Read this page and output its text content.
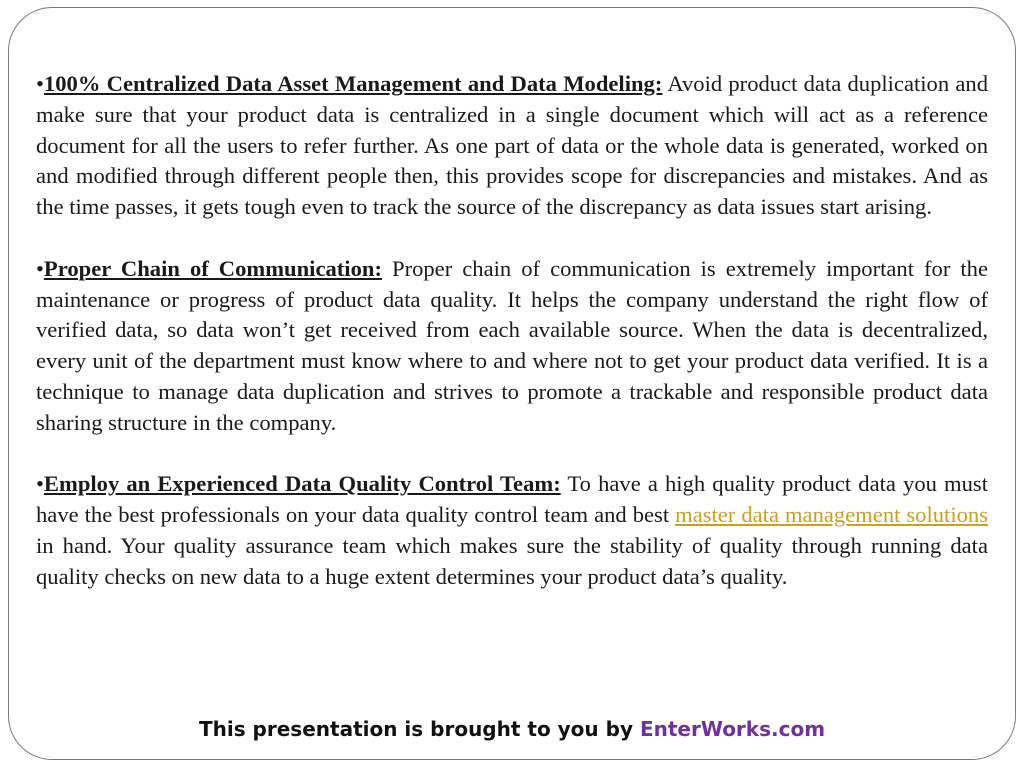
•100% Centralized Data Asset Management and Data Modeling: Avoid product data duplication and make sure that your product data is centralized in a single document which will act as a reference document for all the users to refer further. As one part of data or the whole data is generated, worked on and modified through different people then, this provides scope for discrepancies and mistakes. And as the time passes, it gets tough even to track the source of the discrepancy as data issues start arising.

•Proper Chain of Communication: Proper chain of communication is extremely important for the maintenance or progress of product data quality. It helps the company understand the right flow of verified data, so data won’t get received from each available source. When the data is decentralized, every unit of the department must know where to and where not to get your product data verified. It is a technique to manage data duplication and strives to promote a trackable and responsible product data sharing structure in the company.

•Employ an Experienced Data Quality Control Team: To have a high quality product data you must have the best professionals on your data quality control team and best master data management solutions in hand. Your quality assurance team which makes sure the stability of quality through running data quality checks on new data to a huge extent determines your product data’s quality.

This presentation is brought to you by EnterWorks.com
